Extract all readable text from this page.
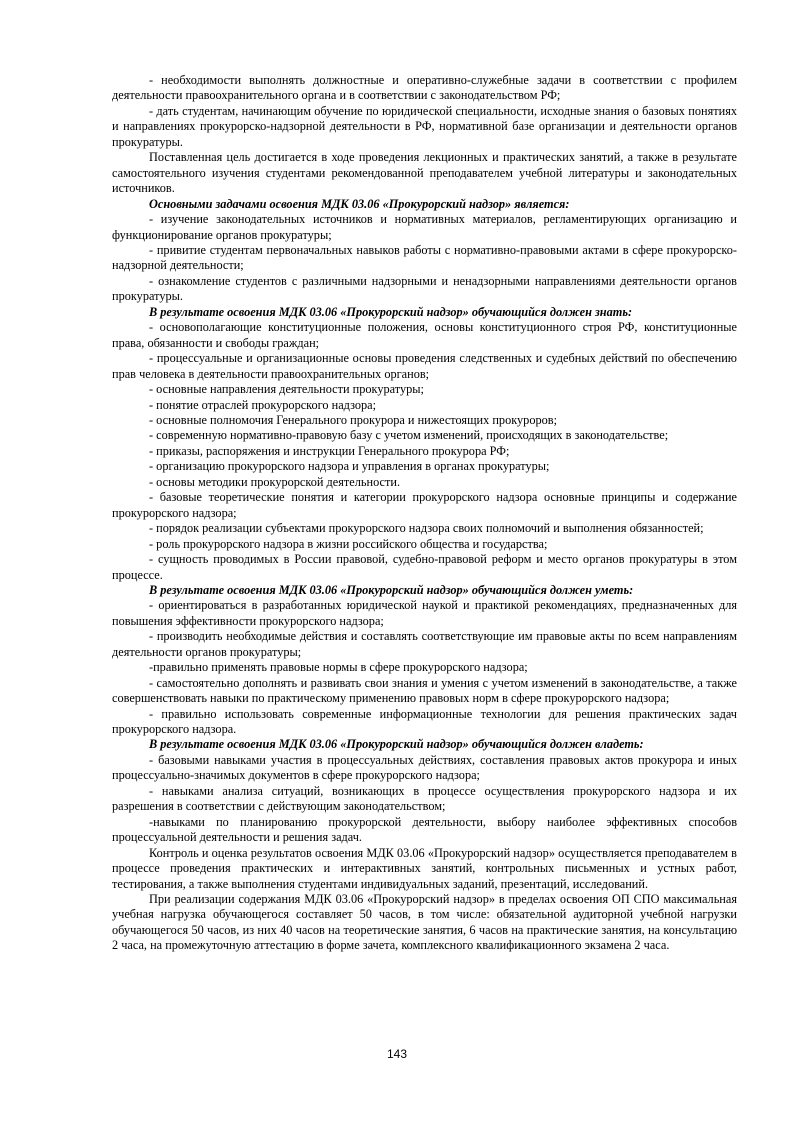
- необходимости выполнять должностные и оперативно-служебные задачи в соответствии с профилем деятельности правоохранительного органа и в соответствии с законодательством РФ;

- дать студентам, начинающим обучение по юридической специальности, исходные знания о базовых понятиях и направлениях прокурорско-надзорной деятельности в РФ, нормативной базе организации и деятельности органов прокуратуры.

Поставленная цель достигается в ходе проведения лекционных и практических занятий, а также в результате самостоятельного изучения студентами рекомендованной преподавателем учебной литературы и законодательных источников.

Основными задачами освоения МДК 03.06 «Прокурорский надзор» является:

- изучение законодательных источников и нормативных материалов, регламентирующих организацию и функционирование органов прокуратуры;

- привитие студентам первоначальных навыков работы с нормативно-правовыми актами в сфере прокурорско-надзорной деятельности;

- ознакомление студентов с различными надзорными и ненадзорными направлениями деятельности органов прокуратуры.

В результате освоения МДК 03.06 «Прокурорский надзор» обучающийся должен знать:

- основополагающие конституционные положения, основы конституционного строя РФ, конституционные права, обязанности и свободы граждан;

- процессуальные и организационные основы проведения следственных и судебных действий по обеспечению прав человека в деятельности правоохранительных органов;

- основные направления деятельности прокуратуры;

- понятие отраслей прокурорского надзора;

- основные полномочия Генерального прокурора и нижестоящих прокуроров;

- современную нормативно-правовую базу с учетом изменений, происходящих в законодательстве;

- приказы, распоряжения и инструкции Генерального прокурора РФ;

- организацию прокурорского надзора и управления в органах прокуратуры;

- основы методики прокурорской деятельности.

- базовые теоретические понятия и категории прокурорского надзора основные принципы и содержание прокурорского надзора;

- порядок реализации субъектами прокурорского надзора своих полномочий и выполнения обязанностей;

- роль прокурорского надзора в жизни российского общества и государства;

- сущность проводимых в России правовой, судебно-правовой реформ и место органов прокуратуры в этом процессе.

В результате освоения МДК 03.06 «Прокурорский надзор» обучающийся должен уметь:

- ориентироваться в разработанных юридической наукой и практикой рекомендациях, предназначенных для повышения эффективности прокурорского надзора;

- производить необходимые действия и составлять соответствующие им правовые акты по всем направлениям деятельности органов прокуратуры;

-правильно применять правовые нормы в сфере прокурорского надзора;

- самостоятельно дополнять и развивать свои знания и умения с учетом изменений в законодательстве, а также совершенствовать навыки по практическому применению правовых норм в сфере прокурорского надзора;

- правильно использовать современные информационные технологии для решения практических задач прокурорского надзора.

В результате освоения МДК 03.06 «Прокурорский надзор» обучающийся должен владеть:

- базовыми навыками участия в процессуальных действиях, составления правовых актов прокурора и иных процессуально-значимых документов в сфере прокурорского надзора;

- навыками анализа ситуаций, возникающих в процессе осуществления прокурорского надзора и их разрешения в соответствии с действующим законодательством;

-навыками по планированию прокурорской деятельности, выбору наиболее эффективных способов процессуальной деятельности и решения задач.

Контроль и оценка результатов освоения МДК 03.06 «Прокурорский надзор» осуществляется преподавателем в процессе проведения практических и интерактивных занятий, контрольных письменных и устных работ, тестирования, а также выполнения студентами индивидуальных заданий, презентаций, исследований.

При реализации содержания МДК 03.06 «Прокурорский надзор» в пределах освоения ОП СПО максимальная учебная нагрузка обучающегося составляет 50 часов, в том числе: обязательной аудиторной учебной нагрузки обучающегося 50 часов, из них 40 часов на теоретические занятия, 6 часов на практические занятия, на консультацию 2 часа, на промежуточную аттестацию в форме зачета, комплексного квалификационного экзамена 2 часа.

143
